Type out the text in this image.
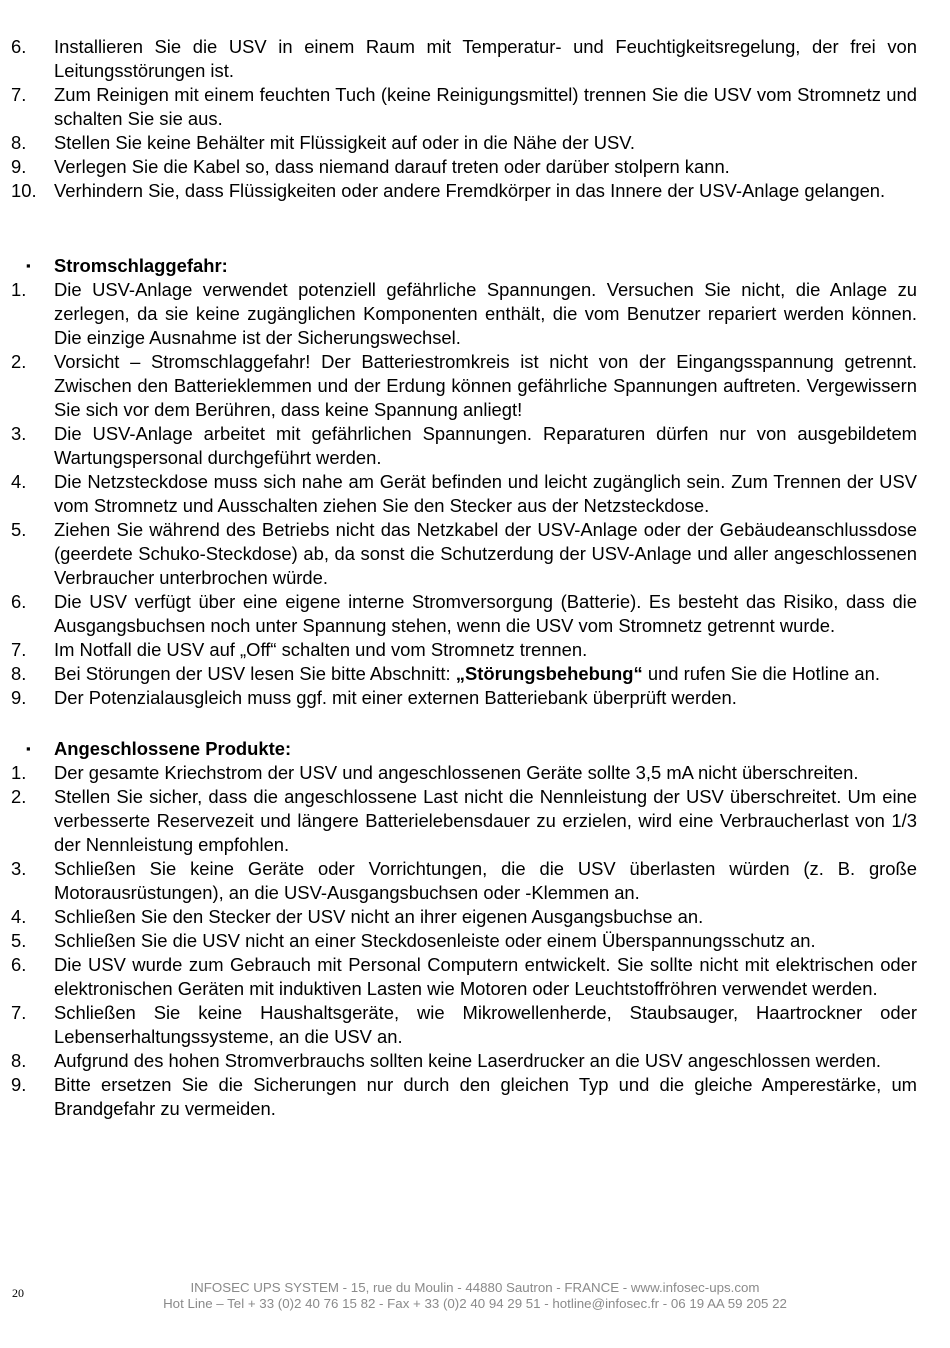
6. Installieren Sie die USV in einem Raum mit Temperatur- und Feuchtigkeitsregelung, der frei von Leitungsstörungen ist.
7. Zum Reinigen mit einem feuchten Tuch (keine Reinigungsmittel) trennen Sie die USV vom Stromnetz und schalten Sie sie aus.
8. Stellen Sie keine Behälter mit Flüssigkeit auf oder in die Nähe der USV.
9. Verlegen Sie die Kabel so, dass niemand darauf treten oder darüber stolpern kann.
10. Verhindern Sie, dass Flüssigkeiten oder andere Fremdkörper in das Innere der USV-Anlage gelangen.
▪ Stromschlaggefahr:
1. Die USV-Anlage verwendet potenziell gefährliche Spannungen. Versuchen Sie nicht, die Anlage zu zerlegen, da sie keine zugänglichen Komponenten enthält, die vom Benutzer repariert werden können. Die einzige Ausnahme ist der Sicherungswechsel.
2. Vorsicht – Stromschlaggefahr! Der Batteriestromkreis ist nicht von der Eingangsspannung getrennt. Zwischen den Batterieklemmen und der Erdung können gefährliche Spannungen auftreten. Vergewissern Sie sich vor dem Berühren, dass keine Spannung anliegt!
3. Die USV-Anlage arbeitet mit gefährlichen Spannungen. Reparaturen dürfen nur von ausgebildetem Wartungspersonal durchgeführt werden.
4. Die Netzsteckdose muss sich nahe am Gerät befinden und leicht zugänglich sein. Zum Trennen der USV vom Stromnetz und Ausschalten ziehen Sie den Stecker aus der Netzsteckdose.
5. Ziehen Sie während des Betriebs nicht das Netzkabel der USV-Anlage oder der Gebäudeanschlussdose (geerdete Schuko-Steckdose) ab, da sonst die Schutzerdung der USV-Anlage und aller angeschlossenen Verbraucher unterbrochen würde.
6. Die USV verfügt über eine eigene interne Stromversorgung (Batterie). Es besteht das Risiko, dass die Ausgangsbuchsen noch unter Spannung stehen, wenn die USV vom Stromnetz getrennt wurde.
7. Im Notfall die USV auf „Off“ schalten und vom Stromnetz trennen.
8. Bei Störungen der USV lesen Sie bitte Abschnitt: „Störungsbehebung“ und rufen Sie die Hotline an.
9. Der Potenzialausgleich muss ggf. mit einer externen Batteriebank überprüft werden.
▪ Angeschlossene Produkte:
1. Der gesamte Kriechstrom der USV und angeschlossenen Geräte sollte 3,5 mA nicht überschreiten.
2. Stellen Sie sicher, dass die angeschlossene Last nicht die Nennleistung der USV überschreitet. Um eine verbesserte Reservezeit und längere Batterielebensdauer zu erzielen, wird eine Verbraucherlast von 1/3 der Nennleistung empfohlen.
3. Schließen Sie keine Geräte oder Vorrichtungen, die die USV überlasten würden (z. B. große Motorausrüstungen), an die USV-Ausgangsbuchsen oder -Klemmen an.
4. Schließen Sie den Stecker der USV nicht an ihrer eigenen Ausgangsbuchse an.
5. Schließen Sie die USV nicht an einer Steckdosenleiste oder einem Überspannungsschutz an.
6. Die USV wurde zum Gebrauch mit Personal Computern entwickelt. Sie sollte nicht mit elektrischen oder elektronischen Geräten mit induktiven Lasten wie Motoren oder Leuchtstoffröhren verwendet werden.
7. Schließen Sie keine Haushaltsgeräte, wie Mikrowellenherde, Staubsauger, Haartrockner oder Lebenserhaltungssysteme, an die USV an.
8. Aufgrund des hohen Stromverbrauchs sollten keine Laserdrucker an die USV angeschlossen werden.
9. Bitte ersetzen Sie die Sicherungen nur durch den gleichen Typ und die gleiche Amperestärke, um Brandgefahr zu vermeiden.
20	INFOSEC UPS SYSTEM - 15, rue du Moulin - 44880 Sautron - FRANCE - www.infosec-ups.com
Hot Line – Tel + 33 (0)2 40 76 15 82 - Fax + 33 (0)2 40 94 29 51 - hotline@infosec.fr - 06 19 AA 59 205 22
